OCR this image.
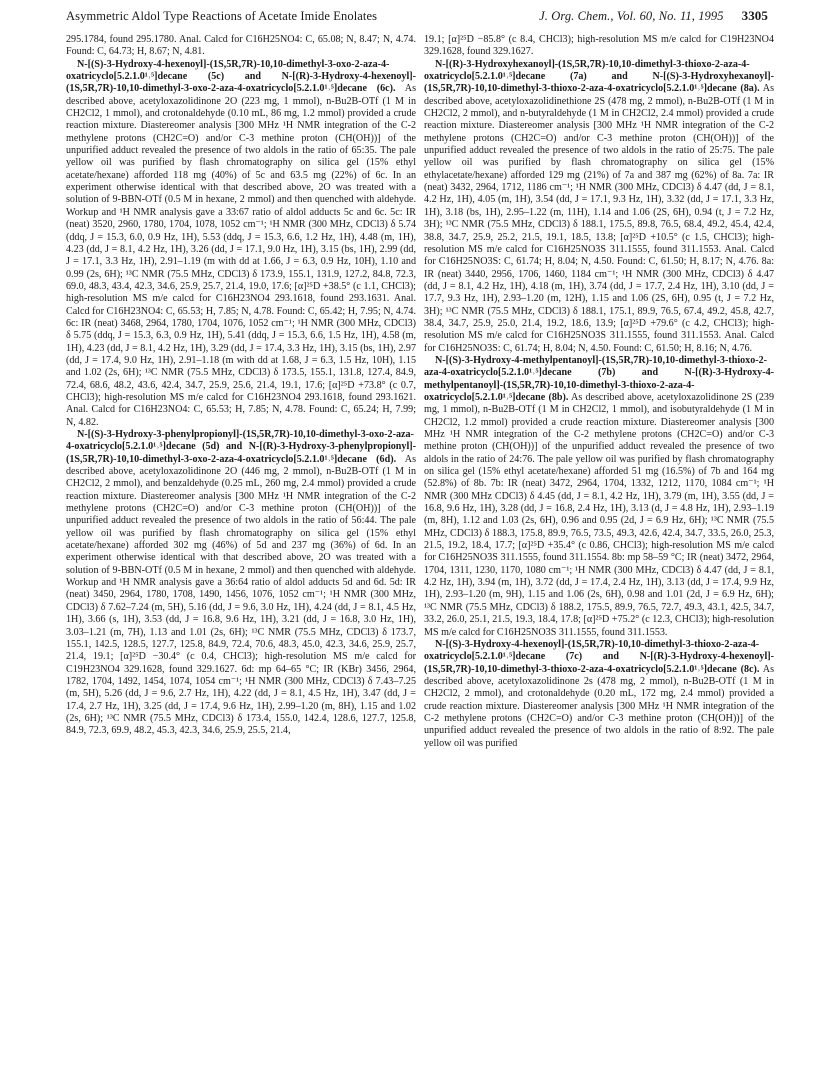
Asymmetric Aldol Type Reactions of Acetate Imide Enolates	J. Org. Chem., Vol. 60, No. 11, 1995 3305

295.1784, found 295.1780. Anal. Calcd for C16H25NO4: C, 65.08; N, 8.47; N, 4.74. Found: C, 64.73; H, 8.67; N, 4.81.

N-[(S)-3-Hydroxy-4-hexenoyl]-(1S,5R,7R)-10,10-dimethyl-3-oxo-2-aza-4-oxatricyclo[5.2.1.0¹˒⁵]decane (5c) and N-[(R)-3-Hydroxy-4-hexenoyl]-(1S,5R,7R)-10,10-dimethyl-3-oxo-2-aza-4-oxatricyclo[5.2.1.0¹˒⁵]decane (6c). As described above, acetyloxazolidinone 2O (223 mg, 1 mmol), n-Bu2B-OTf (1 M in CH2Cl2, 1 mmol), and crotonaldehyde (0.10 mL, 86 mg, 1.2 mmol) provided a crude reaction mixture. Diastereomer analysis [300 MHz ¹H NMR integration of the C-2 methylene protons (CH2C=O) and/or C-3 methine proton (CH(OH))] of the unpurified adduct revealed the presence of two aldols in the ratio of 65:35. The pale yellow oil was purified by flash chromatography on silica gel (15% ethyl acetate/hexane) afforded 118 mg (40%) of 5c and 63.5 mg (22%) of 6c. In an experiment otherwise identical with that described above, 2O was treated with a solution of 9-BBN-OTf (0.5 M in hexane, 2 mmol) and then quenched with aldehyde. Workup and ¹H NMR analysis gave a 33:67 ratio of aldol adducts 5c and 6c. 5c: IR (neat) 3520, 2960, 1780, 1704, 1078, 1052 cm⁻¹; ¹H NMR (300 MHz, CDCl3) δ 5.74 (ddq, J = 15.3, 6.0, 0.9 Hz, 1H), 5.53 (ddq, J = 15.3, 6.6, 1.2 Hz, 1H), 4.48 (m, 1H), 4.23 (dd, J = 8.1, 4.2 Hz, 1H), 3.26 (dd, J = 17.1, 9.0 Hz, 1H), 3.15 (bs, 1H), 2.99 (dd, J = 17.1, 3.3 Hz, 1H), 2.91–1.19 (m with dd at 1.66, J = 6.3, 0.9 Hz, 10H), 1.10 and 0.99 (2s, 6H); ¹³C NMR (75.5 MHz, CDCl3) δ 173.9, 155.1, 131.9, 127.2, 84.8, 72.3, 69.0, 48.3, 43.4, 42.3, 34.6, 25.9, 25.7, 21.4, 19.0, 17.6; [α]²⁵D +38.5° (c 1.1, CHCl3); high-resolution MS m/e calcd for C16H23NO4 293.1618, found 293.1631. Anal. Calcd for C16H23NO4: C, 65.53; H, 7.85; N, 4.78. Found: C, 65.42; H, 7.95; N, 4.74. 6c: IR (neat) 3468, 2964, 1780, 1704, 1076, 1052 cm⁻¹; ¹H NMR (300 MHz, CDCl3) δ 5.75 (ddq, J = 15.3, 6.3, 0.9 Hz, 1H), 5.41 (ddq, J = 15.3, 6.6, 1.5 Hz, 1H), 4.58 (m, 1H), 4.23 (dd, J = 8.1, 4.2 Hz, 1H), 3.29 (dd, J = 17.4, 3.3 Hz, 1H), 3.15 (bs, 1H), 2.97 (dd, J = 17.4, 9.0 Hz, 1H), 2.91–1.18 (m with dd at 1.68, J = 6.3, 1.5 Hz, 10H), 1.15 and 1.02 (2s, 6H); ¹³C NMR (75.5 MHz, CDCl3) δ 173.5, 155.1, 131.8, 127.4, 84.9, 72.4, 68.6, 48.2, 43.6, 42.4, 34.7, 25.9, 25.6, 21.4, 19.1, 17.6; [α]²⁵D +73.8° (c 0.7, CHCl3); high-resolution MS m/e calcd for C16H23NO4 293.1618, found 293.1621. Anal. Calcd for C16H23NO4: C, 65.53; H, 7.85; N, 4.78. Found: C, 65.24; H, 7.99; N, 4.82.

N-[(S)-3-Hydroxy-3-phenylpropionyl]-(1S,5R,7R)-10,10-dimethyl-3-oxo-2-aza-4-oxatricyclo[5.2.1.0¹˒⁵]decane (5d) and N-[(R)-3-Hydroxy-3-phenylpropionyl]-(1S,5R,7R)-10,10-dimethyl-3-oxo-2-aza-4-oxatricyclo[5.2.1.0¹˒⁵]decane (6d). As described above, acetyloxazolidinone 2O (446 mg, 2 mmol), n-Bu2B-OTf (1 M in CH2Cl2, 2 mmol), and benzaldehyde (0.25 mL, 260 mg, 2.4 mmol) provided a crude reaction mixture. Diastereomer analysis [300 MHz ¹H NMR integration of the C-2 methylene protons (CH2C=O) and/or C-3 methine proton (CH(OH))] of the unpurified adduct revealed the presence of two aldols in the ratio of 56:44. The pale yellow oil was purified by flash chromatography on silica gel (15% ethyl acetate/hexane) afforded 302 mg (46%) of 5d and 237 mg (36%) of 6d. In an experiment otherwise identical with that described above, 2O was treated with a solution of 9-BBN-OTf (0.5 M in hexane, 2 mmol) and then quenched with aldehyde. Workup and ¹H NMR analysis gave a 36:64 ratio of aldol adducts 5d and 6d. 5d: IR (neat) 3450, 2964, 1780, 1708, 1490, 1456, 1076, 1052 cm⁻¹; ¹H NMR (300 MHz, CDCl3) δ 7.62–7.24 (m, 5H), 5.16 (dd, J = 9.6, 3.0 Hz, 1H), 4.24 (dd, J = 8.1, 4.5 Hz, 1H), 3.66 (s, 1H), 3.53 (dd, J = 16.8, 9.6 Hz, 1H), 3.21 (dd, J = 16.8, 3.0 Hz, 1H), 3.03–1.21 (m, 7H), 1.13 and 1.01 (2s, 6H); ¹³C NMR (75.5 MHz, CDCl3) δ 173.7, 155.1, 142.5, 128.5, 127.7, 125.8, 84.9, 72.4, 70.6, 48.3, 45.0, 42.3, 34.6, 25.9, 25.7, 21.4, 19.1; [α]²⁵D −30.4° (c 0.4, CHCl3); high-resolution MS m/e calcd for C19H23NO4 329.1628, found 329.1627. 6d: mp 64–65 °C; IR (KBr) 3456, 2964, 1782, 1704, 1492, 1454, 1074, 1054 cm⁻¹; ¹H NMR (300 MHz, CDCl3) δ 7.43–7.25 (m, 5H), 5.26 (dd, J = 9.6, 2.7 Hz, 1H), 4.22 (dd, J = 8.1, 4.5 Hz, 1H), 3.47 (dd, J = 17.4, 2.7 Hz, 1H), 3.25 (dd, J = 17.4, 9.6 Hz, 1H), 2.99–1.20 (m, 8H), 1.15 and 1.02 (2s, 6H); ¹³C NMR (75.5 MHz, CDCl3) δ 173.4, 155.0, 142.4, 128.6, 127.7, 125.8, 84.9, 72.3, 69.9, 48.2, 45.3, 42.3, 34.6, 25.9, 25.5, 21.4,

19.1; [α]²⁵D −85.8° (c 8.4, CHCl3); high-resolution MS m/e calcd for C19H23NO4 329.1628, found 329.1627.

N-[(R)-3-Hydroxyhexanoyl]-(1S,5R,7R)-10,10-dimethyl-3-thioxo-2-aza-4-oxatricyclo[5.2.1.0¹˒⁵]decane (7a) and N-[(S)-3-Hydroxyhexanoyl]-(1S,5R,7R)-10,10-dimethyl-3-thioxo-2-aza-4-oxatricyclo[5.2.1.0¹˒⁵]decane (8a). As described above, acetyloxazolidinethione 2S (478 mg, 2 mmol), n-Bu2B-OTf (1 M in CH2Cl2, 2 mmol), and n-butyraldehyde (1 M in CH2Cl2, 2.4 mmol) provided a crude reaction mixture. Diastereomer analysis [300 MHz ¹H NMR integration of the C-2 methylene protons (CH2C=O) and/or C-3 methine proton (CH(OH))] of the unpurified adduct revealed the presence of two aldols in the ratio of 25:75. The pale yellow oil was purified by flash chromatography on silica gel (15% ethylacetate/hexane) afforded 129 mg (21%) of 7a and 387 mg (62%) of 8a. 7a: IR (neat) 3432, 2964, 1712, 1186 cm⁻¹; ¹H NMR (300 MHz, CDCl3) δ 4.47 (dd, J = 8.1, 4.2 Hz, 1H), 4.05 (m, 1H), 3.54 (dd, J = 17.1, 9.3 Hz, 1H), 3.32 (dd, J = 17.1, 3.3 Hz, 1H), 3.18 (bs, 1H), 2.95–1.22 (m, 11H), 1.14 and 1.06 (2S, 6H), 0.94 (t, J = 7.2 Hz, 3H); ¹³C NMR (75.5 MHz, CDCl3) δ 188.1, 175.5, 89.8, 76.5, 68.4, 49.2, 45.4, 42.4, 38.8, 34.7, 25.9, 25.2, 21.5, 19.1, 18.5, 13.8; [α]²⁵D +10.5° (c 1.5, CHCl3); high-resolution MS m/e calcd for C16H25NO3S 311.1555, found 311.1553. Anal. Calcd for C16H25NO3S: C, 61.74; H, 8.04; N, 4.50. Found: C, 61.50; H, 8.17; N, 4.76. 8a: IR (neat) 3440, 2956, 1706, 1460, 1184 cm⁻¹; ¹H NMR (300 MHz, CDCl3) δ 4.47 (dd, J = 8.1, 4.2 Hz, 1H), 4.18 (m, 1H), 3.74 (dd, J = 17.7, 2.4 Hz, 1H), 3.10 (dd, J = 17.7, 9.3 Hz, 1H), 2.93–1.20 (m, 12H), 1.15 and 1.06 (2S, 6H), 0.95 (t, J = 7.2 Hz, 3H); ¹³C NMR (75.5 MHz, CDCl3) δ 188.1, 175.1, 89.9, 76.5, 67.4, 49.2, 45.8, 42.7, 38.4, 34.7, 25.9, 25.0, 21.4, 19.2, 18.6, 13.9; [α]²⁵D +79.6° (c 4.2, CHCl3); high-resolution MS m/e calcd for C16H25NO3S 311.1555, found 311.1553. Anal. Calcd for C16H25NO3S: C, 61.74; H, 8.04; N, 4.50. Found: C, 61.50; H, 8.16; N, 4.76.

N-[(S)-3-Hydroxy-4-methylpentanoyl]-(1S,5R,7R)-10,10-dimethyl-3-thioxo-2-aza-4-oxatricyclo[5.2.1.0¹˒⁵]decane (7b) and N-[(R)-3-Hydroxy-4-methylpentanoyl]-(1S,5R,7R)-10,10-dimethyl-3-thioxo-2-aza-4-oxatricyclo[5.2.1.0¹˒⁵]decane (8b). As described above, acetyloxazolidinone 2S (239 mg, 1 mmol), n-Bu2B-OTf (1 M in CH2Cl2, 1 mmol), and isobutyraldehyde (1 M in CH2Cl2, 1.2 mmol) provided a crude reaction mixture. Diastereomer analysis [300 MHz ¹H NMR integration of the C-2 methylene protons (CH2C=O) and/or C-3 methine proton (CH(OH))] of the unpurified adduct revealed the presence of two aldols in the ratio of 24:76. The pale yellow oil was purified by flash chromatography on silica gel (15% ethyl acetate/hexane) afforded 51 mg (16.5%) of 7b and 164 mg (52.8%) of 8b. 7b: IR (neat) 3472, 2964, 1704, 1332, 1212, 1170, 1084 cm⁻¹; ¹H NMR (300 MHz CDCl3) δ 4.45 (dd, J = 8.1, 4.2 Hz, 1H), 3.79 (m, 1H), 3.55 (dd, J = 16.8, 9.6 Hz, 1H), 3.28 (dd, J = 16.8, 2.4 Hz, 1H), 3.13 (d, J = 4.8 Hz, 1H), 2.93–1.19 (m, 8H), 1.12 and 1.03 (2s, 6H), 0.96 and 0.95 (2d, J = 6.9 Hz, 6H); ¹³C NMR (75.5 MHz, CDCl3) δ 188.3, 175.8, 89.9, 76.5, 73.5, 49.3, 42.6, 42.4, 34.7, 33.5, 26.0, 25.3, 21.5, 19.2, 18.4, 17.7; [α]²⁵D +35.4° (c 0.86, CHCl3); high-resolution MS m/e calcd for C16H25NO3S 311.1555, found 311.1554. 8b: mp 58–59 °C; IR (neat) 3472, 2964, 1704, 1311, 1230, 1170, 1080 cm⁻¹; ¹H NMR (300 MHz, CDCl3) δ 4.47 (dd, J = 8.1, 4.2 Hz, 1H), 3.94 (m, 1H), 3.72 (dd, J = 17.4, 2.4 Hz, 1H), 3.13 (dd, J = 17.4, 9.9 Hz, 1H), 2.93–1.20 (m, 9H), 1.15 and 1.06 (2s, 6H), 0.98 and 1.01 (2d, J = 6.9 Hz, 6H); ¹³C NMR (75.5 MHz, CDCl3) δ 188.2, 175.5, 89.9, 76.5, 72.7, 49.3, 43.1, 42.5, 34.7, 33.2, 26.0, 25.1, 21.5, 19.3, 18.4, 17.8; [α]²⁵D +75.2° (c 12.3, CHCl3); high-resolution MS m/e calcd for C16H25NO3S 311.1555, found 311.1553.

N-[(S)-3-Hydroxy-4-hexenoyl]-(1S,5R,7R)-10,10-dimethyl-3-thioxo-2-aza-4-oxatricyclo[5.2.1.0¹˒⁵]decane (7c) and N-[(R)-3-Hydroxy-4-hexenoyl]-(1S,5R,7R)-10,10-dimethyl-3-thioxo-2-aza-4-oxatricyclo[5.2.1.0¹˒⁵]decane (8c). As described above, acetyloxazolidinone 2s (478 mg, 2 mmol), n-Bu2B-OTf (1 M in CH2Cl2, 2 mmol), and crotonaldehyde (0.20 mL, 172 mg, 2.4 mmol) provided a crude reaction mixture. Diastereomer analysis [300 MHz ¹H NMR integration of the C-2 methylene protons (CH2C=O) and/or C-3 methine proton (CH(OH))] of the unpurified adduct revealed the presence of two aldols in the ratio of 8:92. The pale yellow oil was purified
